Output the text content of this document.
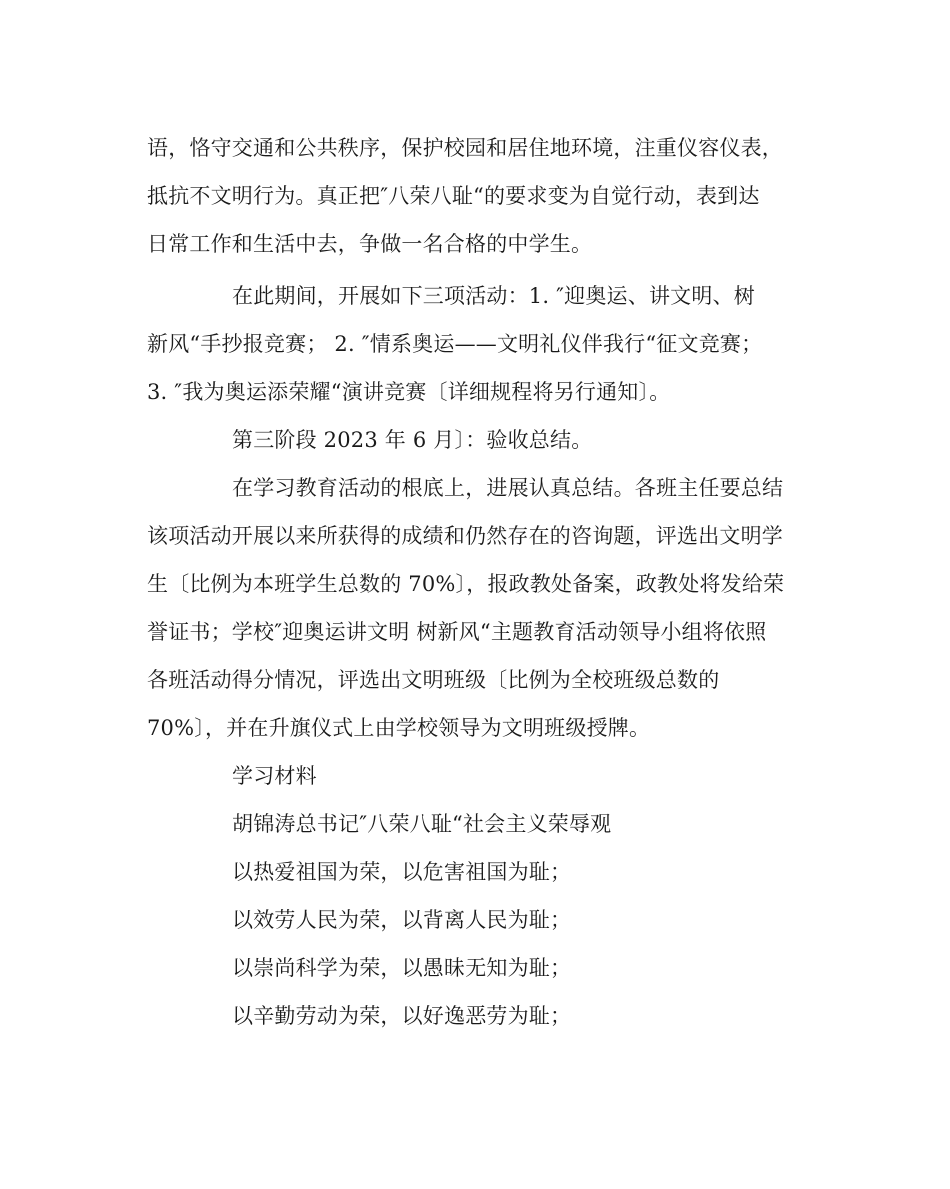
语，恪守交通和公共秩序，保护校园和居住地环境，注重仪容仪表，
抵抗不文明行为。真正把″八荣八耻“的要求变为自觉行动，表到达
日常工作和生活中去，争做一名合格的中学生。
在此期间，开展如下三项活动：1. ″迎奥运、讲文明、树
新风“手抄报竞赛； 2. ″情系奥运——文明礼仪伴我行“征文竞赛；
3. ″我为奥运添荣耀“演讲竞赛〔详细规程将另行通知〕。
第三阶段 2023 年 6 月〕：验收总结。
在学习教育活动的根底上，进展认真总结。各班主任要总结
该项活动开展以来所获得的成绩和仍然存在的咨询题，评选出文明学
生〔比例为本班学生总数的 70%〕，报政教处备案，政教处将发给荣
誉证书；学校″迎奥运讲文明 树新风“主题教育活动领导小组将依照
各班活动得分情况，评选出文明班级〔比例为全校班级总数的
70%〕，并在升旗仪式上由学校领导为文明班级授牌。
学习材料
胡锦涛总书记″八荣八耻“社会主义荣辱观
以热爱祖国为荣，以危害祖国为耻；
以效劳人民为荣，以背离人民为耻；
以崇尚科学为荣，以愚昧无知为耻；
以辛勤劳动为荣，以好逸恶劳为耻；
